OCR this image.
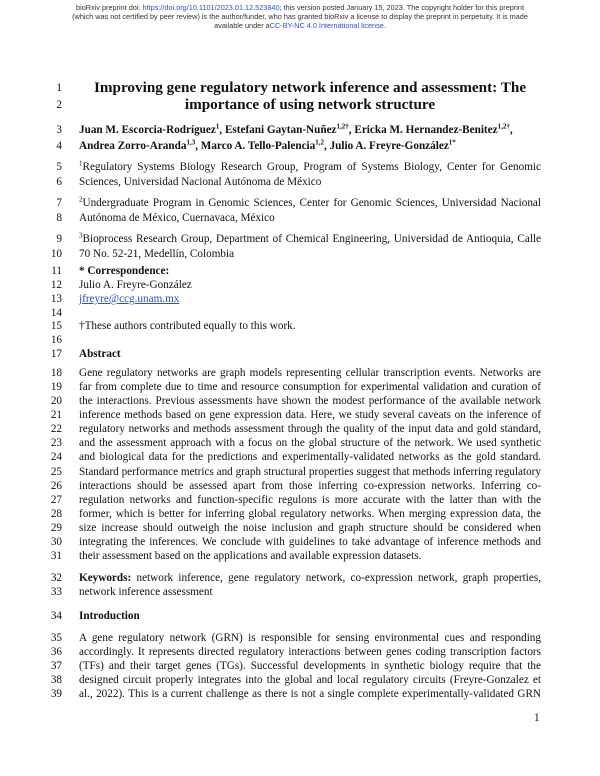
bioRxiv preprint doi: https://doi.org/10.1101/2023.01.12.523840; this version posted January 15, 2023. The copyright holder for this preprint
(which was not certified by peer review) is the author/funder, who has granted bioRxiv a license to display the preprint in perpetuity. It is made
available under aCC-BY-NC 4.0 International license.
1	Improving gene regulatory network inference and assessment: The
2	importance of using network structure
3 Juan M. Escorcia-Rodríguez$^1$, Estefani Gaytan-Nuñez$^{1,2\dagger}$, Ericka M. Hernandez-Benitez$^{1,2\dagger}$,
4 Andrea Zorro-Aranda$^{1,3}$, Marco A. Tello-Palencia$^{1,2}$, Julio A. Freyre-González$^{1*}$
5 $^1$Regulatory Systems Biology Research Group, Program of Systems Biology, Center for Genomic
6 Sciences, Universidad Nacional Autónoma de México
7 $^2$Undergraduate Program in Genomic Sciences, Center for Genomic Sciences, Universidad Nacional
8 Autónoma de México, Cuernavaca, México
9 $^3$Bioprocess Research Group, Department of Chemical Engineering, Universidad de Antioquia, Calle
10 70 No. 52-21, Medellín, Colombia
11 * Correspondence:
12 Julio A. Freyre-González
13 jfreyre@ccg.unam.mx
14
15 †These authors contributed equally to this work.
16
17 Abstract
18 Gene regulatory networks are graph models representing cellular transcription events. Networks are
19 far from complete due to time and resource consumption for experimental validation and curation of
20 the interactions. Previous assessments have shown the modest performance of the available network
21 inference methods based on gene expression data. Here, we study several caveats on the inference of
22 regulatory networks and methods assessment through the quality of the input data and gold standard,
23 and the assessment approach with a focus on the global structure of the network. We used synthetic
24 and biological data for the predictions and experimentally-validated networks as the gold standard.
25 Standard performance metrics and graph structural properties suggest that methods inferring regulatory
26 interactions should be assessed apart from those inferring co-expression networks. Inferring co-
27 regulation networks and function-specific regulons is more accurate with the latter than with the
28 former, which is better for inferring global regulatory networks. When merging expression data, the
29 size increase should outweigh the noise inclusion and graph structure should be considered when
30 integrating the inferences. We conclude with guidelines to take advantage of inference methods and
31 their assessment based on the applications and available expression datasets.
32 Keywords: network inference, gene regulatory network, co-expression network, graph properties,
33 network inference assessment
34 Introduction
35 A gene regulatory network (GRN) is responsible for sensing environmental cues and responding
36 accordingly. It represents directed regulatory interactions between genes coding transcription factors
37 (TFs) and their target genes (TGs). Successful developments in synthetic biology require that the
38 designed circuit properly integrates into the global and local regulatory circuits (Freyre-Gonzalez et
39 al., 2022). This is a current challenge as there is not a single complete experimentally-validated GRN
1
